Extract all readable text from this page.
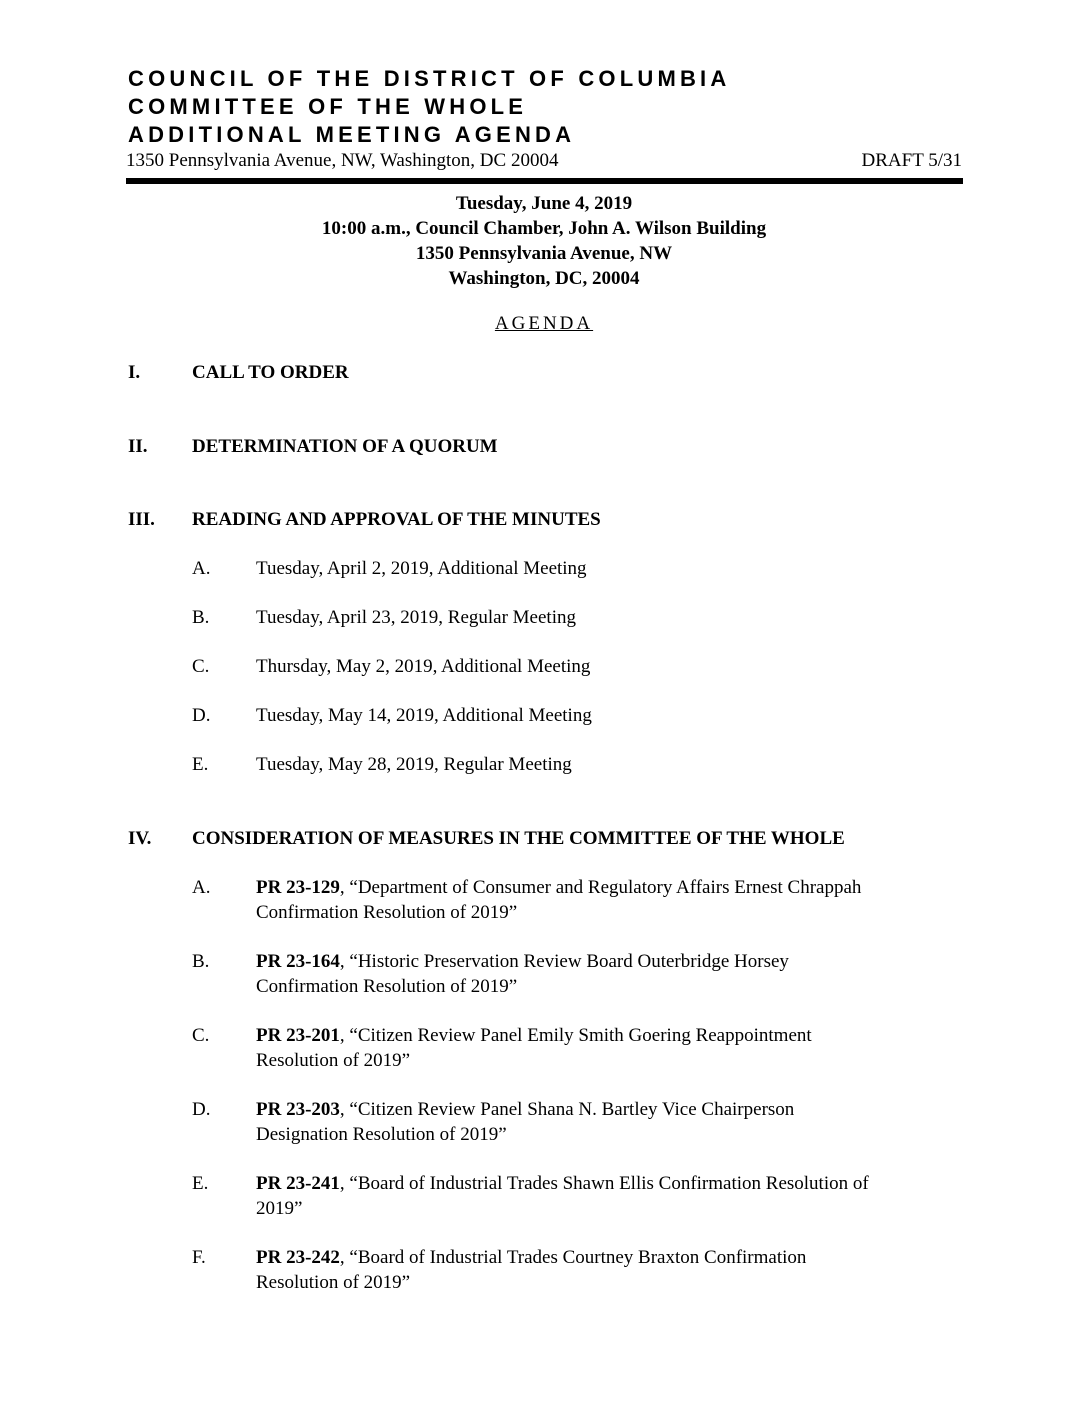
COUNCIL OF THE DISTRICT OF COLUMBIA
COMMITTEE OF THE WHOLE
ADDITIONAL MEETING AGENDA
1350 Pennsylvania Avenue, NW, Washington, DC 20004	DRAFT 5/31
Tuesday, June 4, 2019
10:00 a.m., Council Chamber, John A. Wilson Building
1350 Pennsylvania Avenue, NW
Washington, DC, 20004
AGENDA
I.	CALL TO ORDER
II. DETERMINATION OF A QUORUM
III. READING AND APPROVAL OF THE MINUTES
A. Tuesday, April 2, 2019, Additional Meeting
B. Tuesday, April 23, 2019, Regular Meeting
C. Thursday, May 2, 2019, Additional Meeting
D. Tuesday, May 14, 2019, Additional Meeting
E.	Tuesday, May 28, 2019, Regular Meeting
IV. CONSIDERATION OF MEASURES IN THE COMMITTEE OF THE WHOLE
A. PR 23-129, “Department of Consumer and Regulatory Affairs Ernest Chrappah
Confirmation Resolution of 2019”
B. PR 23-164, “Historic Preservation Review Board Outerbridge Horsey
Confirmation Resolution of 2019”
C. PR 23-201, “Citizen Review Panel Emily Smith Goering Reappointment
Resolution of 2019”
D. PR 23-203, “Citizen Review Panel Shana N. Bartley Vice Chairperson
Designation Resolution of 2019”
E.	PR 23-241, “Board of Industrial Trades Shawn Ellis Confirmation Resolution of
2019”
F.	PR 23-242, “Board of Industrial Trades Courtney Braxton Confirmation
Resolution of 2019”
